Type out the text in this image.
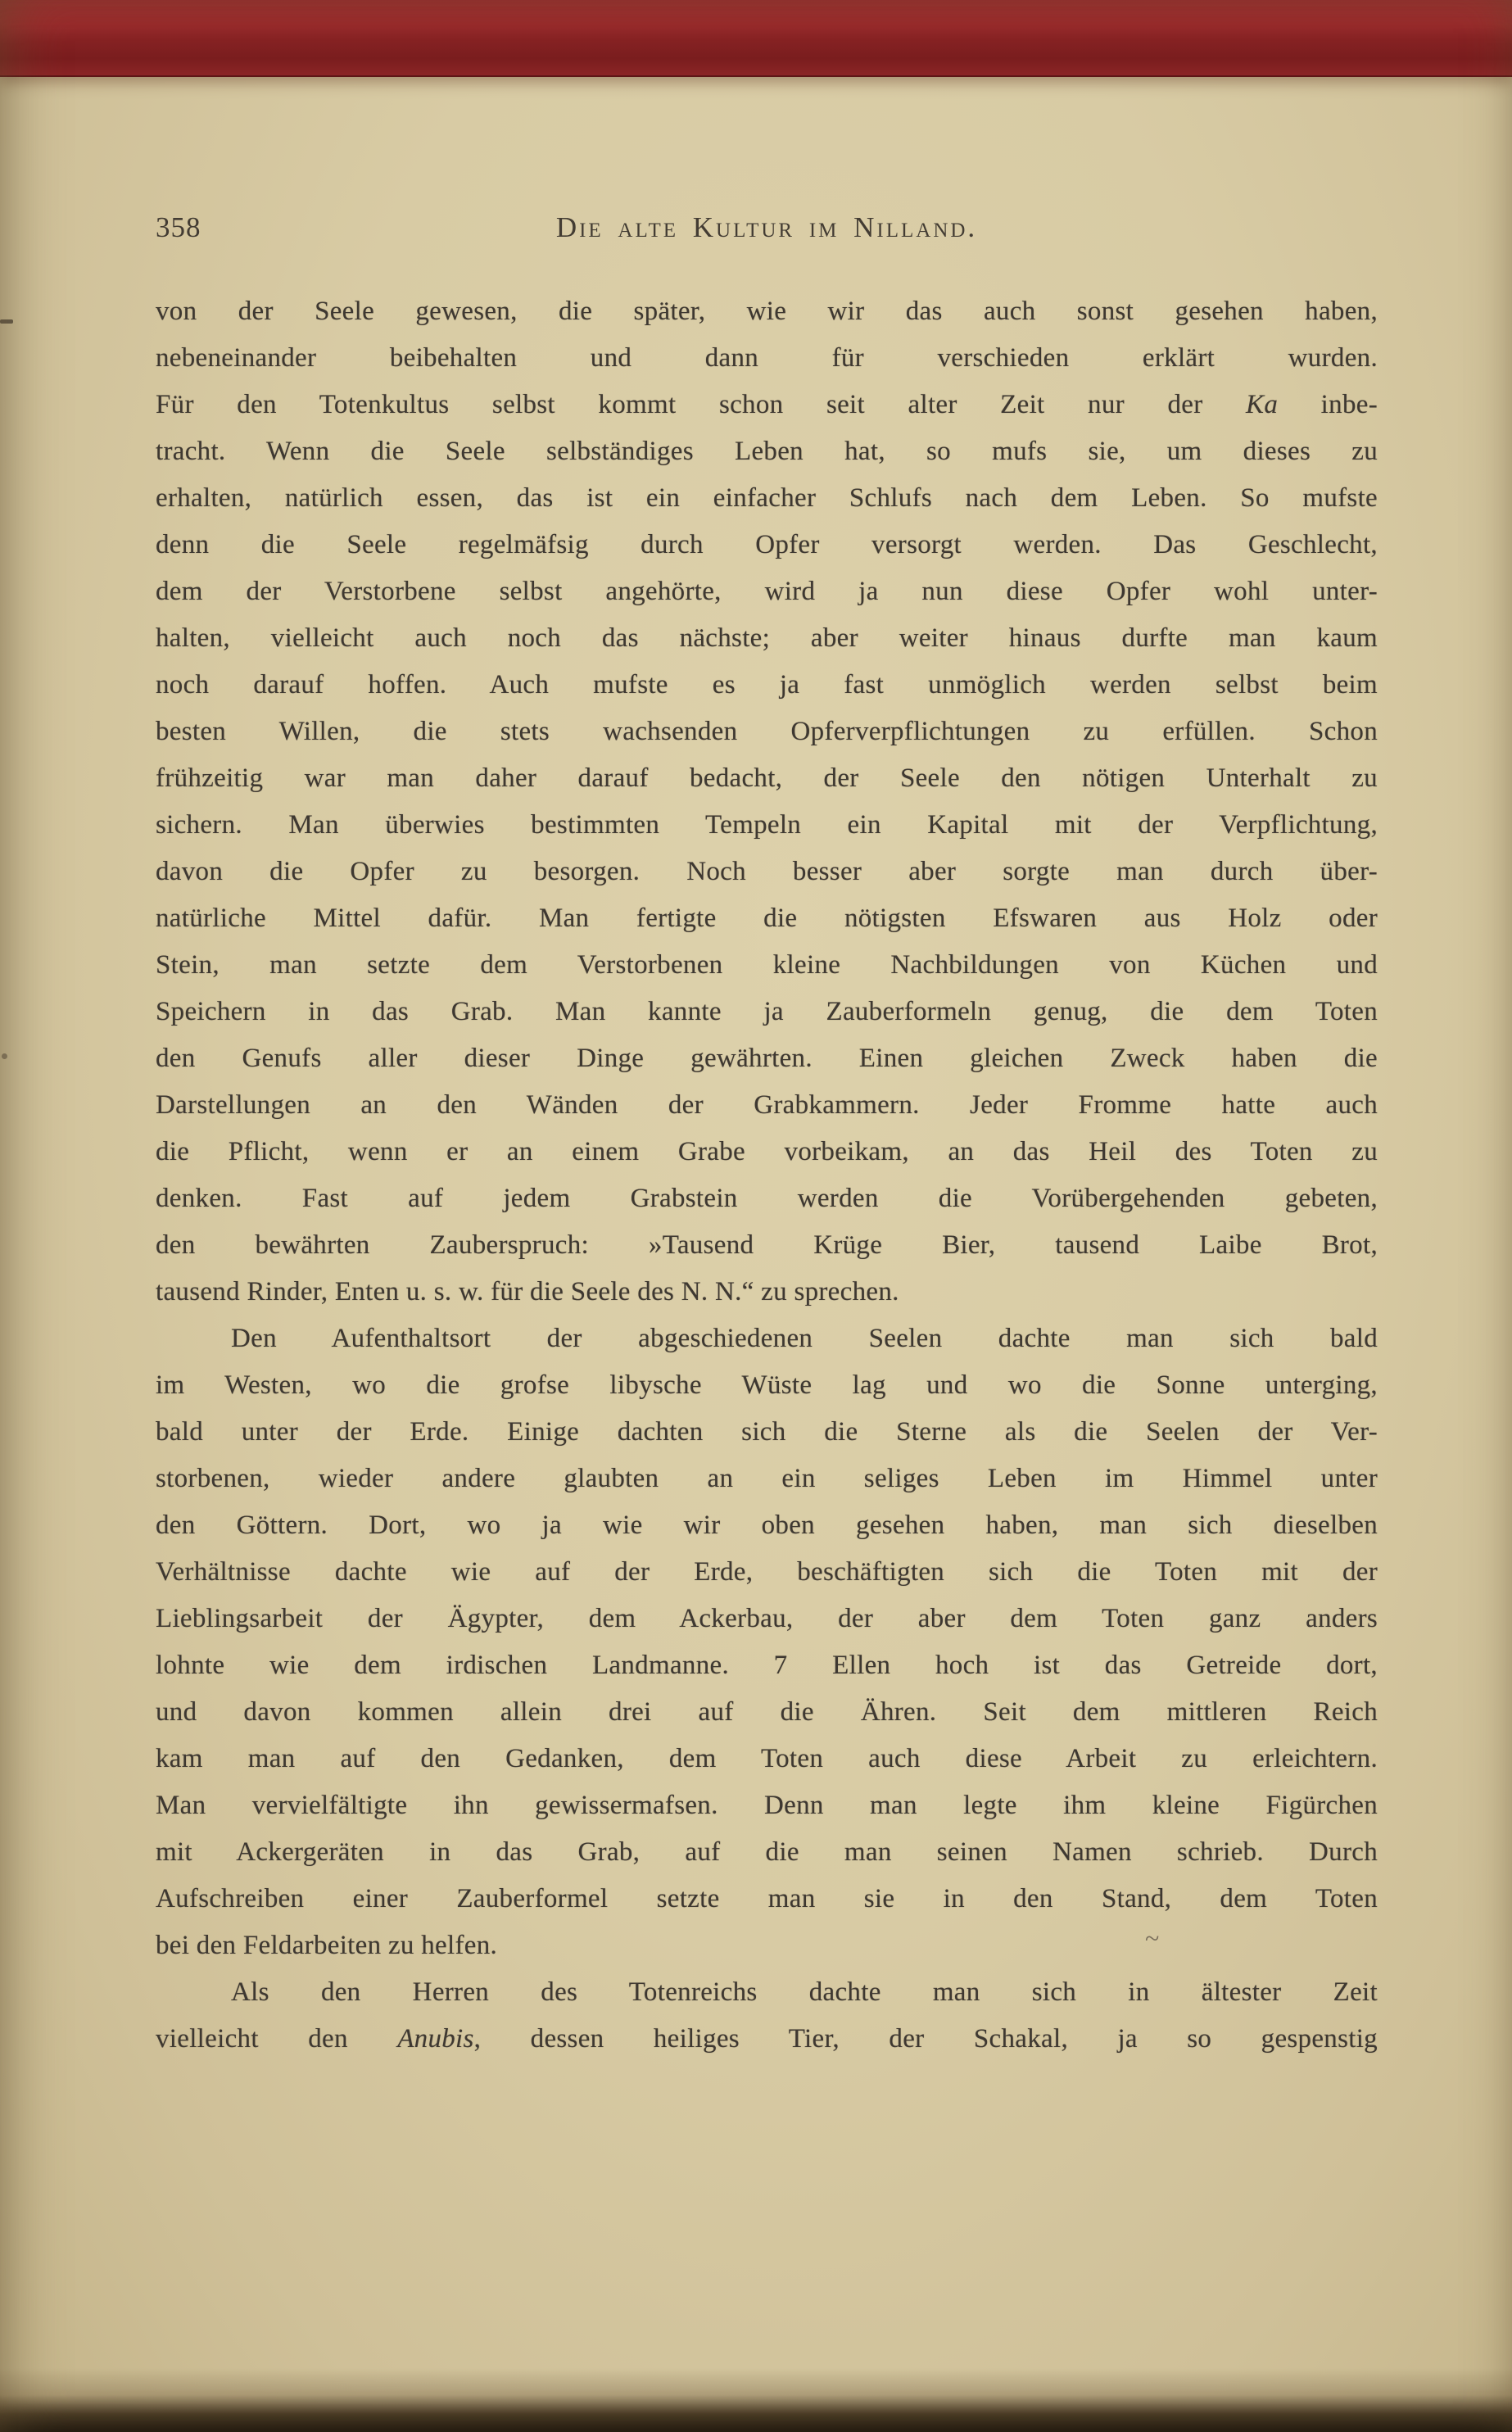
358	Die alte Kultur im Nilland.
von der Seele gewesen, die später, wie wir das auch sonst gesehen haben,
nebeneinander beibehalten und dann für verschieden erklärt wurden.
Für den Totenkultus selbst kommt schon seit alter Zeit nur der Ka inbe-
tracht. Wenn die Seele selbständiges Leben hat, so mufs sie, um dieses zu
erhalten, natürlich essen, das ist ein einfacher Schlufs nach dem Leben. So mufste
denn die Seele regelmäfsig durch Opfer versorgt werden. Das Geschlecht,
dem der Verstorbene selbst angehörte, wird ja nun diese Opfer wohl unter-
halten, vielleicht auch noch das nächste; aber weiter hinaus durfte man kaum
noch darauf hoffen. Auch mufste es ja fast unmöglich werden selbst beim
besten Willen, die stets wachsenden Opferverpflichtungen zu erfüllen. Schon
frühzeitig war man daher darauf bedacht, der Seele den nötigen Unterhalt zu
sichern. Man überwies bestimmten Tempeln ein Kapital mit der Verpflichtung,
davon die Opfer zu besorgen. Noch besser aber sorgte man durch über-
natürliche Mittel dafür. Man fertigte die nötigsten Efswaren aus Holz oder
Stein, man setzte dem Verstorbenen kleine Nachbildungen von Küchen und
Speichern in das Grab. Man kannte ja Zauberformeln genug, die dem Toten
den Genufs aller dieser Dinge gewährten. Einen gleichen Zweck haben die
Darstellungen an den Wänden der Grabkammern. Jeder Fromme hatte auch
die Pflicht, wenn er an einem Grabe vorbeikam, an das Heil des Toten zu
denken. Fast auf jedem Grabstein werden die Vorübergehenden gebeten,
den bewährten Zauberspruch: »Tausend Krüge Bier, tausend Laibe Brot,
tausend Rinder, Enten u. s. w. für die Seele des N. N.“ zu sprechen.
Den Aufenthaltsort der abgeschiedenen Seelen dachte man sich bald
im Westen, wo die grofse libysche Wüste lag und wo die Sonne unterging,
bald unter der Erde. Einige dachten sich die Sterne als die Seelen der Ver-
storbenen, wieder andere glaubten an ein seliges Leben im Himmel unter
den Göttern. Dort, wo ja wie wir oben gesehen haben, man sich dieselben
Verhältnisse dachte wie auf der Erde, beschäftigten sich die Toten mit der
Lieblingsarbeit der Ägypter, dem Ackerbau, der aber dem Toten ganz anders
lohnte wie dem irdischen Landmanne. 7 Ellen hoch ist das Getreide dort,
und davon kommen allein drei auf die Ähren. Seit dem mittleren Reich
kam man auf den Gedanken, dem Toten auch diese Arbeit zu erleichtern.
Man vervielfältigte ihn gewissermafsen. Denn man legte ihm kleine Figürchen
mit Ackergeräten in das Grab, auf die man seinen Namen schrieb. Durch
Aufschreiben einer Zauberformel setzte man sie in den Stand, dem Toten
bei den Feldarbeiten zu helfen.
Als den Herren des Totenreichs dachte man sich in ältester Zeit
vielleicht den Anubis, dessen heiliges Tier, der Schakal, ja so gespenstig
~
